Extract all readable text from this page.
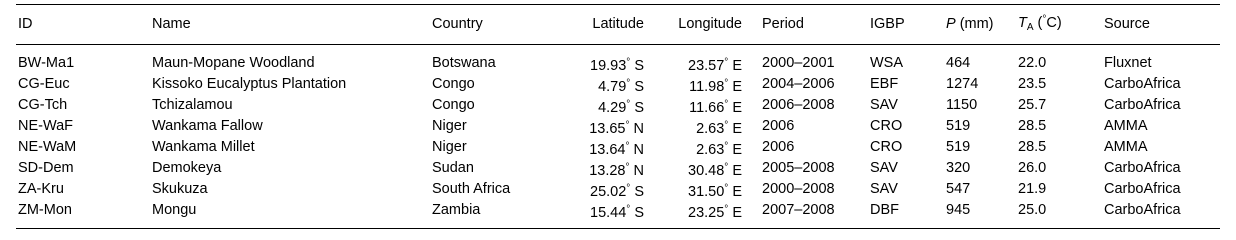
ID	Name	Country	Latitude	Longitude		Period	IGBP	P (mm)	$T_A$ (°C)	Source
BW-Ma1	Maun-Mopane Woodland	Botswana	19.93° S	23.57° E		2000–2001	WSA	464	22.0	Fluxnet
CG-Euc	Kissoko Eucalyptus Plantation	Congo	4.79° S	11.98° E		2004–2006	EBF	1274	23.5	CarboAfrica
CG-Tch	Tchizalamou	Congo	4.29° S	11.66° E		2006–2008	SAV	1150	25.7	CarboAfrica
NE-WaF	Wankama Fallow	Niger	13.65° N	2.63° E		2006	CRO	519	28.5	AMMA
NE-WaM	Wankama Millet	Niger	13.64° N	2.63° E		2006	CRO	519	28.5	AMMA
SD-Dem	Demokeya	Sudan	13.28° N	30.48° E		2005–2008	SAV	320	26.0	CarboAfrica
ZA-Kru	Skukuza	South Africa	25.02° S	31.50° E		2000–2008	SAV	547	21.9	CarboAfrica
ZM-Mon	Mongu	Zambia	15.44° S	23.25° E		2007–2008	DBF	945	25.0	CarboAfrica
